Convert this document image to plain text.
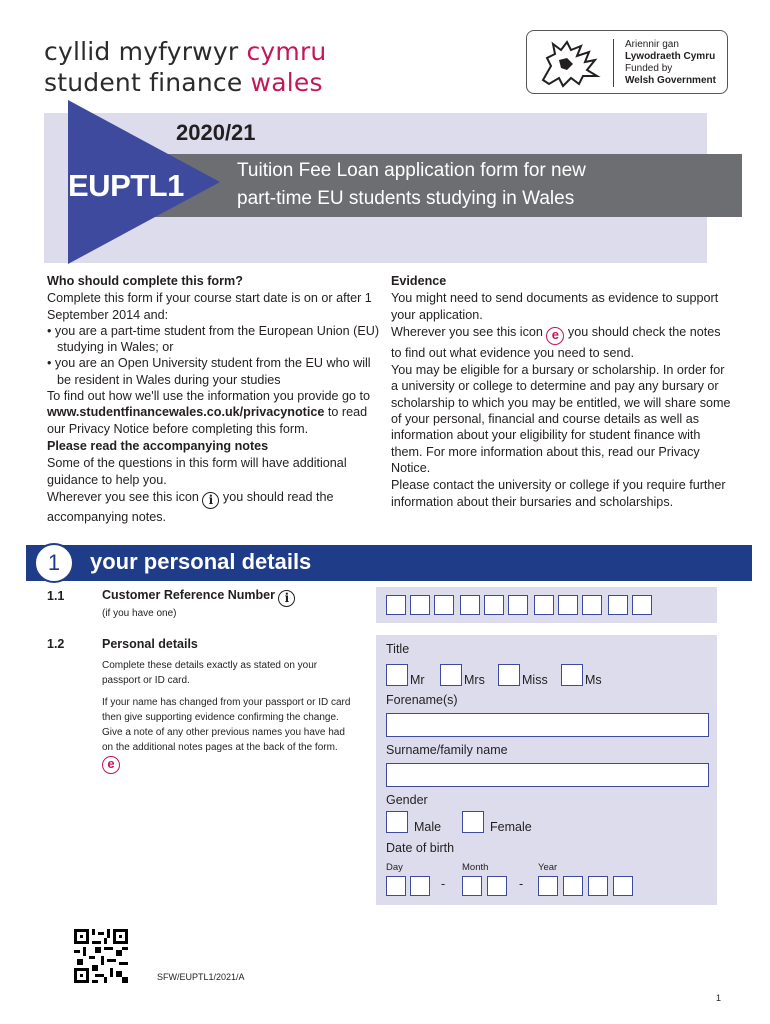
cyllid myfyrwyr cymru
student finance wales
Ariennir gan
Lywodraeth Cymru
Funded by
Welsh Government
2020/21
EUPTL1	Tuition Fee Loan application form for new
part-time EU students studying in Wales
Who should complete this form?
Complete this form if your course start date is on or after 1 September 2014 and:
• you are a part-time student from the European Union (EU) studying in Wales; or
• you are an Open University student from the EU who will be resident in Wales during your studies
To find out how we'll use the information you provide go to www.studentfinancewales.co.uk/privacynotice to read our Privacy Notice before completing this form.
Please read the accompanying notes
Some of the questions in this form will have additional guidance to help you.
Wherever you see this icon i you should read the accompanying notes.
Evidence
You might need to send documents as evidence to support your application.
Wherever you see this icon e you should check the notes to find out what evidence you need to send.
You may be eligible for a bursary or scholarship. In order for a university or college to determine and pay any bursary or scholarship to which you may be entitled, we will share some of your personal, financial and course details as well as information about your eligibility for student finance with them. For more information about this, read our Privacy Notice.
Please contact the university or college if you require further information about their bursaries and scholarships.
1	your personal details
1.1	Customer Reference Number i
(if you have one)
1.2	Personal details
Complete these details exactly as stated on your passport or ID card.
If your name has changed from your passport or ID card then give supporting evidence confirming the change. Give a note of any other previous names you have had on the additional notes pages at the back of the form. e
Title
Mr	Mrs	Miss	Ms
Forename(s)
Surname/family name
Gender
Male	Female
Date of birth
Day	Month	Year
-	-
SFW/EUPTL1/2021/A
1
